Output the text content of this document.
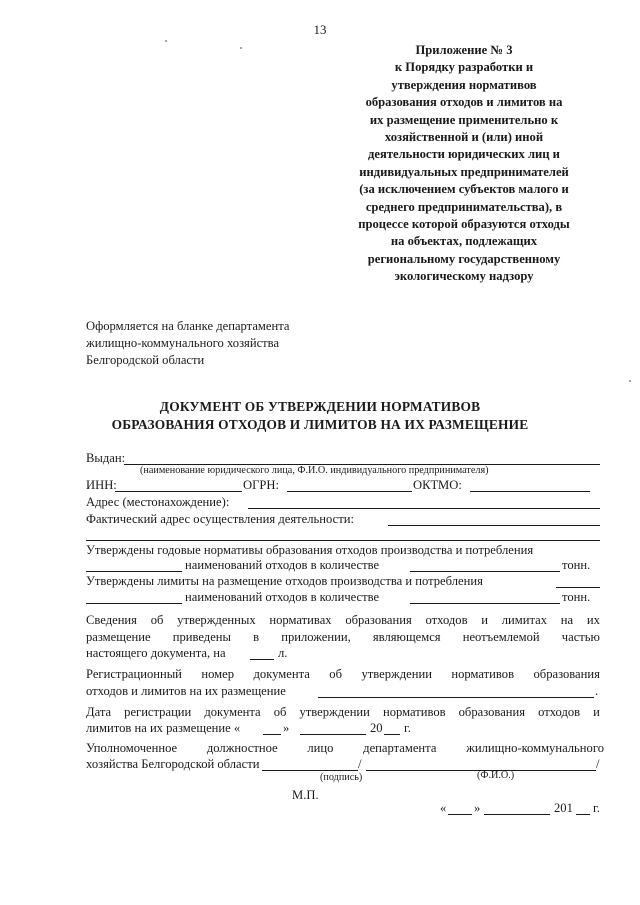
13
Приложение № 3
к Порядку разработки и
утверждения нормативов
образования отходов и лимитов на
их размещение применительно к
хозяйственной и (или) иной
деятельности юридических лиц и
индивидуальных предпринимателей
(за исключением субъектов малого и
среднего предпринимательства), в
процессе которой образуются отходы
на объектах, подлежащих
региональному государственному
экологическому надзору
Оформляется на бланке департамента
жилищно-коммунального хозяйства
Белгородской области
ДОКУМЕНТ ОБ УТВЕРЖДЕНИИ НОРМАТИВОВ
ОБРАЗОВАНИЯ ОТХОДОВ И ЛИМИТОВ НА ИХ РАЗМЕЩЕНИЕ
Выдан:
(наименование юридического лица, Ф.И.О. индивидуального предпринимателя)
ИНН:	ОГРН:	ОКТМО:
Адрес (местонахождение):
Фактический адрес осуществления деятельности:
Утверждены годовые нормативы образования отходов производства и потребления
наименований отходов в количестве	тонн.
Утверждены лимиты на размещение отходов производства и потребления
наименований отходов в количестве	тонн.
Сведения об утвержденных нормативах образования отходов и лимитах на их
размещение приведены в приложении, являющемся неотъемлемой частью
настоящего документа, на	л.
Регистрационный номер документа об утверждении нормативов образования
отходов и лимитов на их размещение	.
Дата регистрации документа об утверждении нормативов образования отходов и
лимитов на их размещение «	»	20 г.
Уполномоченное должностное лицо департамента жилищно-коммунального
хозяйства Белгородской области	/	/
(подпись)	(Ф.И.О.)
М.П.
« »	201 г.
